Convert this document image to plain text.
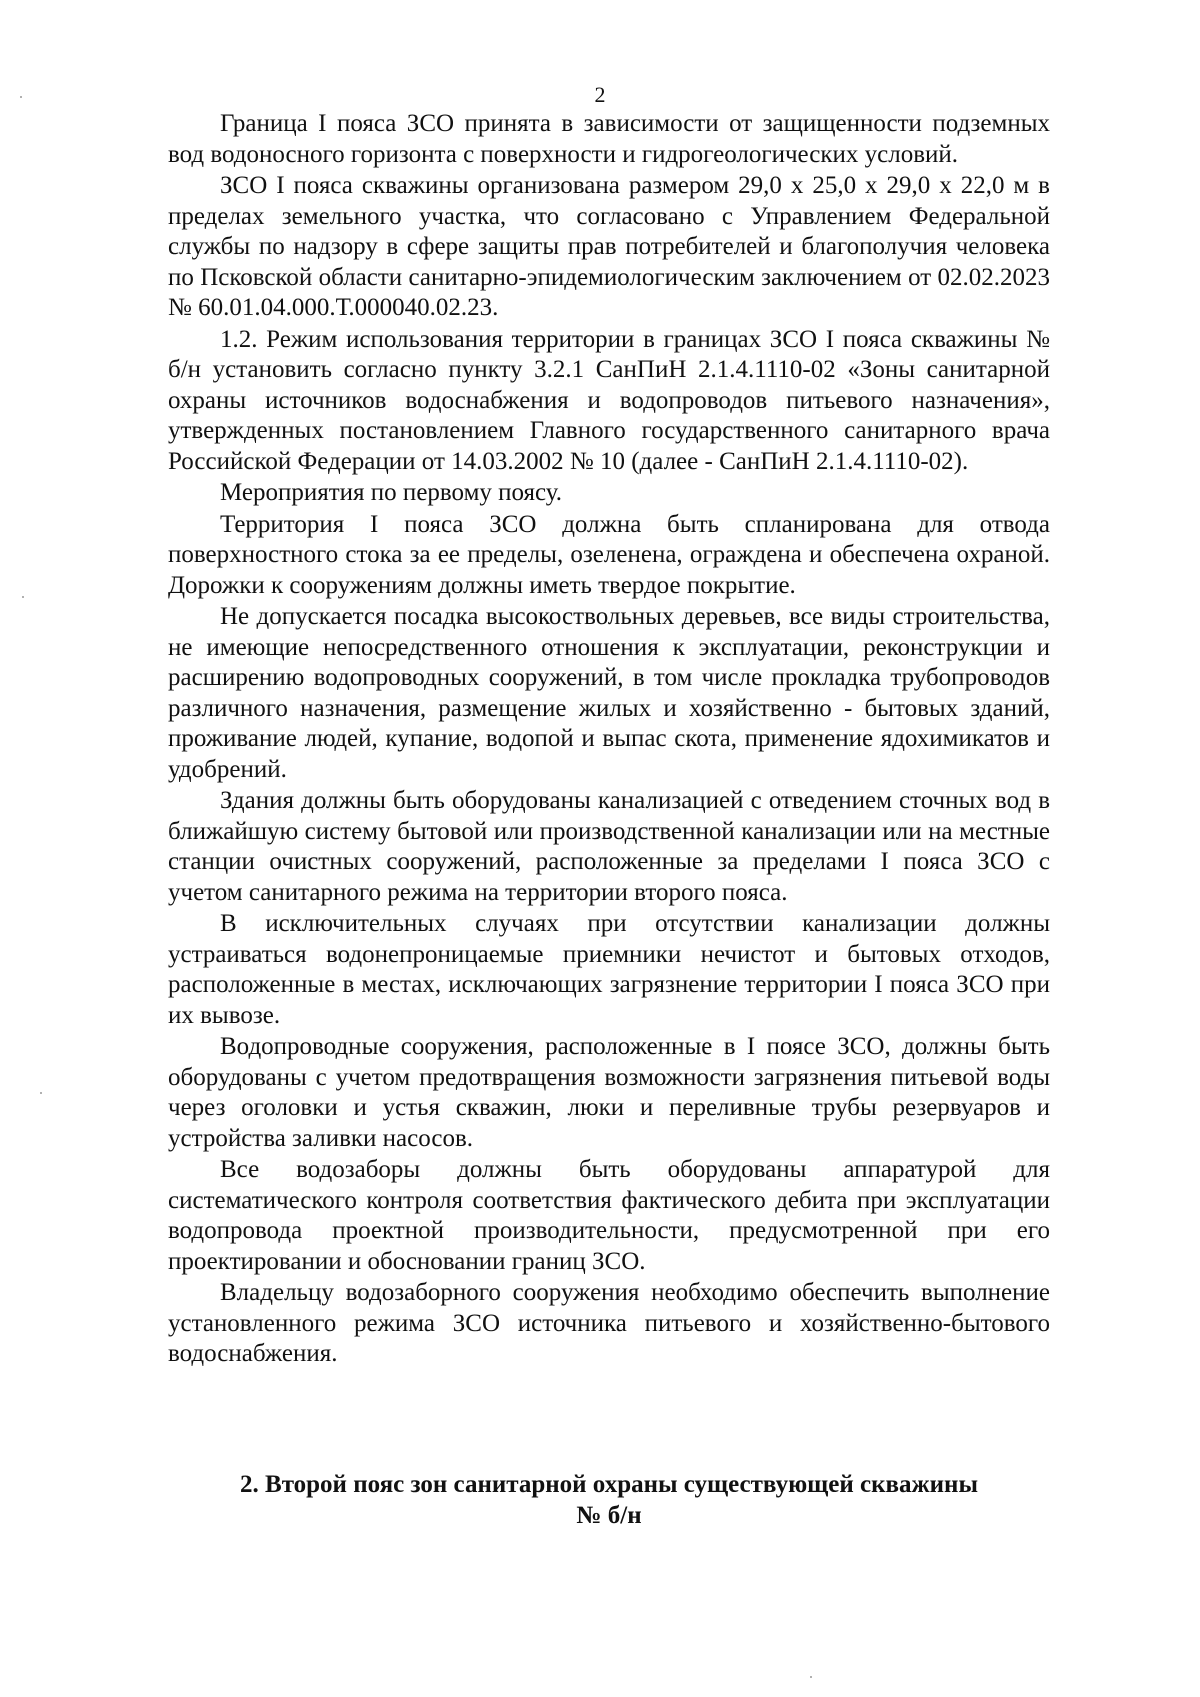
2

Граница I пояса ЗСО принята в зависимости от защищенности подземных вод водоносного горизонта с поверхности и гидрогеологических условий.

ЗСО I пояса скважины организована размером 29,0 х 25,0 х 29,0 х 22,0 м в пределах земельного участка, что согласовано с Управлением Федеральной службы по надзору в сфере защиты прав потребителей и благополучия человека по Псковской области санитарно-эпидемиологическим заключением от 02.02.2023 № 60.01.04.000.Т.000040.02.23.

1.2. Режим использования территории в границах ЗСО I пояса скважины № б/н установить согласно пункту 3.2.1 СанПиН 2.1.4.1110-02 «Зоны санитарной охраны источников водоснабжения и водопроводов питьевого назначения», утвержденных постановлением Главного государственного санитарного врача Российской Федерации от 14.03.2002 № 10 (далее - СанПиН 2.1.4.1110-02).

Мероприятия по первому поясу.

Территория I пояса ЗСО должна быть спланирована для отвода поверхностного стока за ее пределы, озеленена, ограждена и обеспечена охраной. Дорожки к сооружениям должны иметь твердое покрытие.

Не допускается посадка высокоствольных деревьев, все виды строительства, не имеющие непосредственного отношения к эксплуатации, реконструкции и расширению водопроводных сооружений, в том числе прокладка трубопроводов различного назначения, размещение жилых и хозяйственно - бытовых зданий, проживание людей, купание, водопой и выпас скота, применение ядохимикатов и удобрений.

Здания должны быть оборудованы канализацией с отведением сточных вод в ближайшую систему бытовой или производственной канализации или на местные станции очистных сооружений, расположенные за пределами I пояса ЗСО с учетом санитарного режима на территории второго пояса.

В исключительных случаях при отсутствии канализации должны устраиваться водонепроницаемые приемники нечистот и бытовых отходов, расположенные в местах, исключающих загрязнение территории I пояса ЗСО при их вывозе.

Водопроводные сооружения, расположенные в I поясе ЗСО, должны быть оборудованы с учетом предотвращения возможности загрязнения питьевой воды через оголовки и устья скважин, люки и переливные трубы резервуаров и устройства заливки насосов.

Все водозаборы должны быть оборудованы аппаратурой для систематического контроля соответствия фактического дебита при эксплуатации водопровода проектной производительности, предусмотренной при его проектировании и обосновании границ ЗСО.

Владельцу водозаборного сооружения необходимо обеспечить выполнение установленного режима ЗСО источника питьевого и хозяйственно-бытового водоснабжения.

2. Второй пояс зон санитарной охраны существующей скважины
№ б/н
